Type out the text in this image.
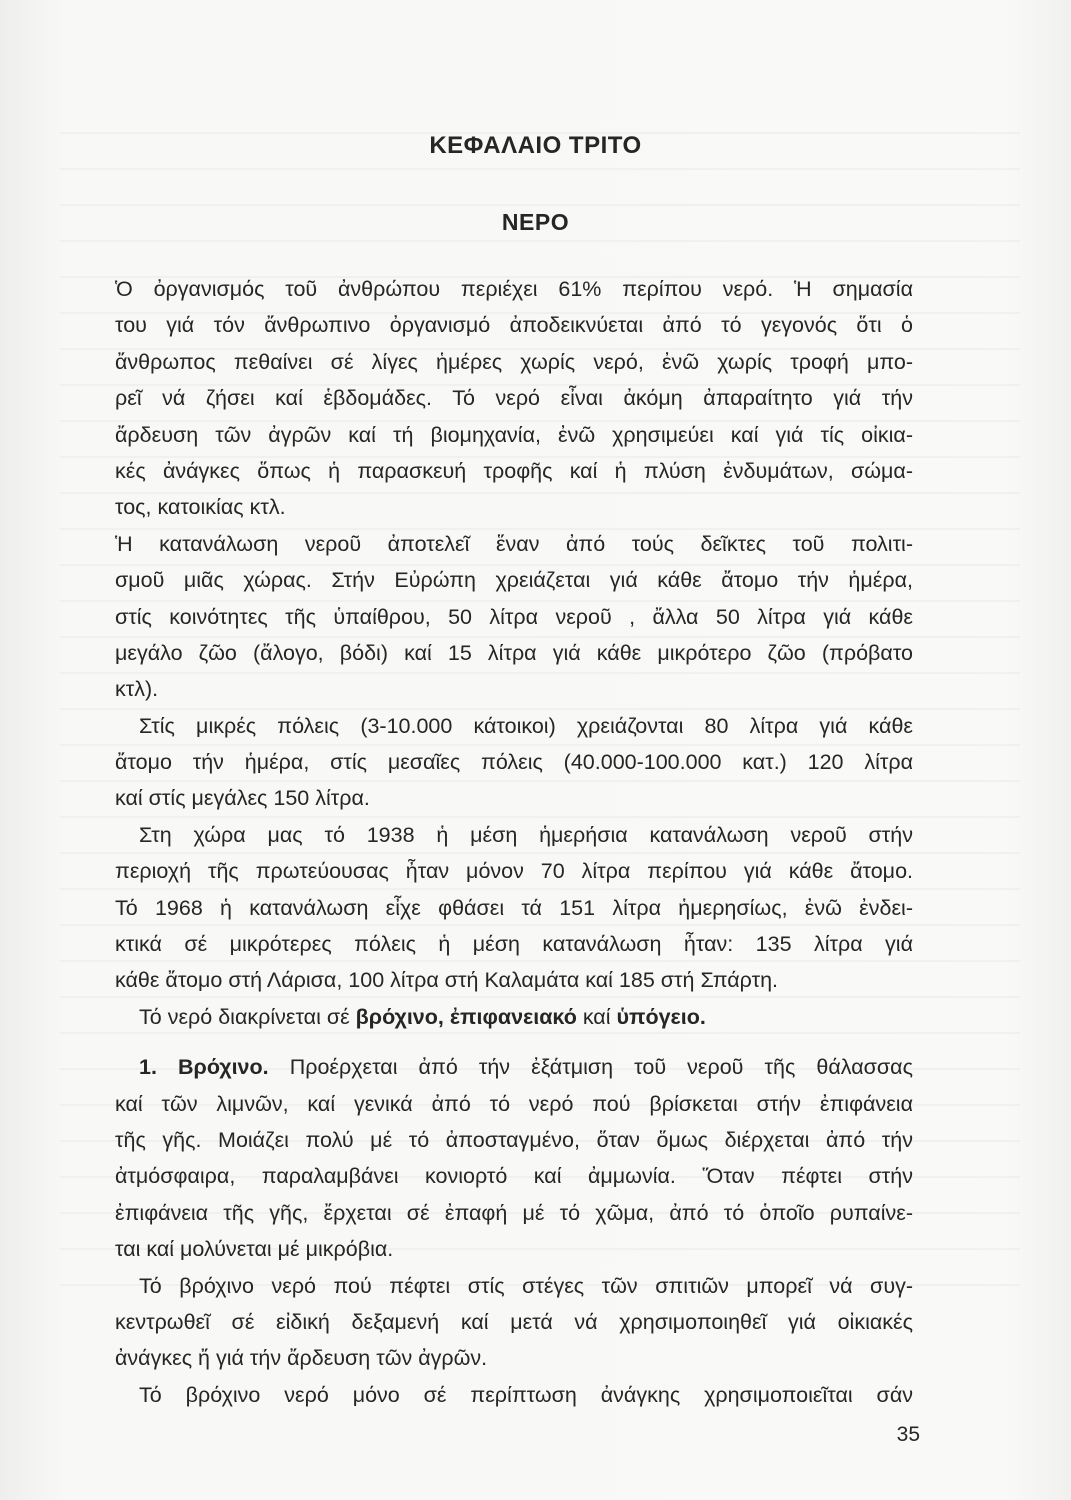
ΚΕΦΑΛΑΙΟ ΤΡΙΤΟ
ΝΕΡΟ
Ὁ ὀργανισμός τοῦ ἀνθρώπου περιέχει 61% περίπου νερό. Ἡ σημασία
του γιά τόν ἄνθρωπινο ὀργανισμό ἀποδεικνύεται ἀπό τό γεγονός ὅτι ὁ
ἄνθρωπος πεθαίνει σέ λίγες ἡμέρες χωρίς νερό, ἐνῶ χωρίς τροφή μπο-
ρεῖ νά ζήσει καί ἑβδομάδες. Τό νερό εἶναι ἀκόμη ἀπαραίτητο γιά τήν
ἄρδευση τῶν ἀγρῶν καί τή βιομηχανία, ἐνῶ χρησιμεύει καί γιά τίς οἰκια-
κές ἀνάγκες ὅπως ἡ παρασκευή τροφῆς καί ἡ πλύση ἐνδυμάτων, σώμα-
τος, κατοικίας κτλ.
Ἡ κατανάλωση νεροῦ ἀποτελεῖ ἕναν ἀπό τούς δεῖκτες τοῦ πολιτι-
σμοῦ μιᾶς χώρας. Στήν Εὐρώπη χρειάζεται γιά κάθε ἄτομο τήν ἡμέρα,
στίς κοινότητες τῆς ὑπαίθρου, 50 λίτρα νεροῦ , ἄλλα 50 λίτρα γιά κάθε
μεγάλο ζῶο (ἄλογο, βόδι) καί 15 λίτρα γιά κάθε μικρότερο ζῶο (πρόβατο
κτλ).
Στίς μικρές πόλεις (3-10.000 κάτοικοι) χρειάζονται 80 λίτρα γιά κάθε
ἄτομο τήν ἡμέρα, στίς μεσαῖες πόλεις (40.000-100.000 κατ.) 120 λίτρα
καί στίς μεγάλες 150 λίτρα.
Στη χώρα μας τό 1938 ἡ μέση ἡμερήσια κατανάλωση νεροῦ στήν
περιοχή τῆς πρωτεύουσας ἦταν μόνον 70 λίτρα περίπου γιά κάθε ἄτομο.
Τό 1968 ἡ κατανάλωση εἶχε φθάσει τά 151 λίτρα ἡμερησίως, ἐνῶ ἐνδει-
κτικά σέ μικρότερες πόλεις ἡ μέση κατανάλωση ἦταν: 135 λίτρα γιά
κάθε ἄτομο στή Λάρισα, 100 λίτρα στή Καλαμάτα καί 185 στή Σπάρτη.
Τό νερό διακρίνεται σέ βρόχινο, ἐπιφανειακό καί ὑπόγειο.
1. Βρόχινο. Προέρχεται ἀπό τήν ἐξάτμιση τοῦ νεροῦ τῆς θάλασσας
καί τῶν λιμνῶν, καί γενικά ἀπό τό νερό πού βρίσκεται στήν ἐπιφάνεια
τῆς γῆς. Μοιάζει πολύ μέ τό ἀποσταγμένο, ὅταν ὅμως διέρχεται ἀπό τήν
ἀτμόσφαιρα, παραλαμβάνει κονιορτό καί ἀμμωνία. Ὅταν πέφτει στήν
ἐπιφάνεια τῆς γῆς, ἔρχεται σέ ἐπαφή μέ τό χῶμα, ἀπό τό ὁποῖο ρυπαίνε-
ται καί μολύνεται μέ μικρόβια.
Τό βρόχινο νερό πού πέφτει στίς στέγες τῶν σπιτιῶν μπορεῖ νά συγ-
κεντρωθεῖ σέ εἰδική δεξαμενή καί μετά νά χρησιμοποιηθεῖ γιά οἰκιακές
ἀνάγκες ἤ γιά τήν ἄρδευση τῶν ἀγρῶν.
Τό βρόχινο νερό μόνο σέ περίπτωση ἀνάγκης χρησιμοποιεῖται σάν
35
